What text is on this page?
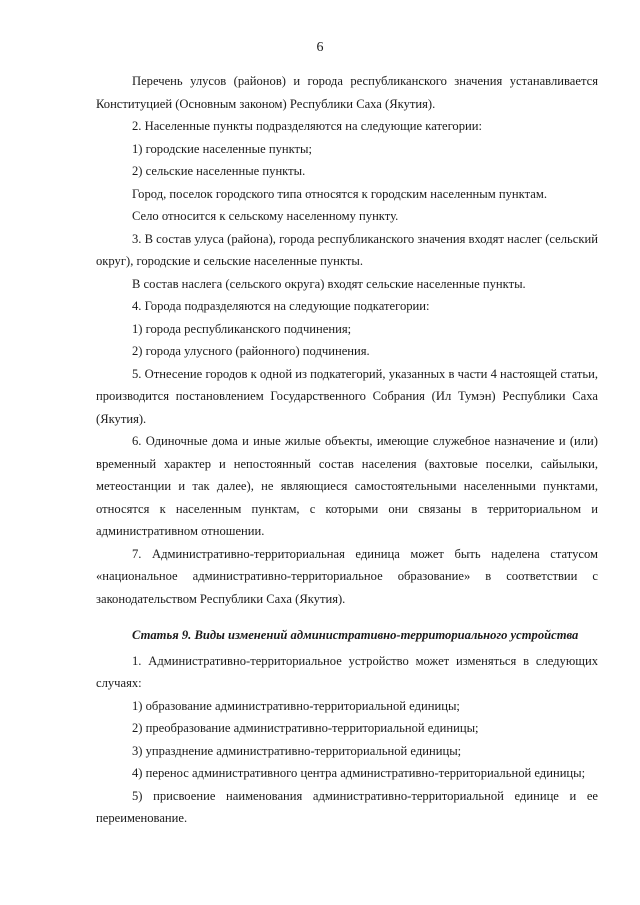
6

Перечень улусов (районов) и города республиканского значения устанавливается Конституцией (Основным законом) Республики Саха (Якутия).

2. Населенные пункты подразделяются на следующие категории:

1) городские населенные пункты;

2) сельские населенные пункты.

Город, поселок городского типа относятся к городским населенным пунктам.

Село относится к сельскому населенному пункту.

3. В состав улуса (района), города республиканского значения входят наслег (сельский округ), городские и сельские населенные пункты.

В состав наслега (сельского округа) входят сельские населенные пункты.

4. Города подразделяются на следующие подкатегории:

1) города республиканского подчинения;

2) города улусного (районного) подчинения.

5. Отнесение городов к одной из подкатегорий, указанных в части 4 настоящей статьи, производится постановлением Государственного Собрания (Ил Тумэн) Республики Саха (Якутия).

6. Одиночные дома и иные жилые объекты, имеющие служебное назначение и (или) временный характер и непостоянный состав населения (вахтовые поселки, сайылыки, метеостанции и так далее), не являющиеся самостоятельными населенными пунктами, относятся к населенным пунктам, с которыми они связаны в территориальном и административном отношении.

7. Административно-территориальная единица может быть наделена статусом «национальное административно-территориальное образование» в соответствии с законодательством Республики Саха (Якутия).

Статья 9. Виды изменений административно-территориального устройства

1. Административно-территориальное устройство может изменяться в следующих случаях:

1) образование административно-территориальной единицы;

2) преобразование административно-территориальной единицы;

3) упразднение административно-территориальной единицы;

4) перенос административного центра административно-территориальной единицы;

5) присвоение наименования административно-территориальной единице и ее переименование.
